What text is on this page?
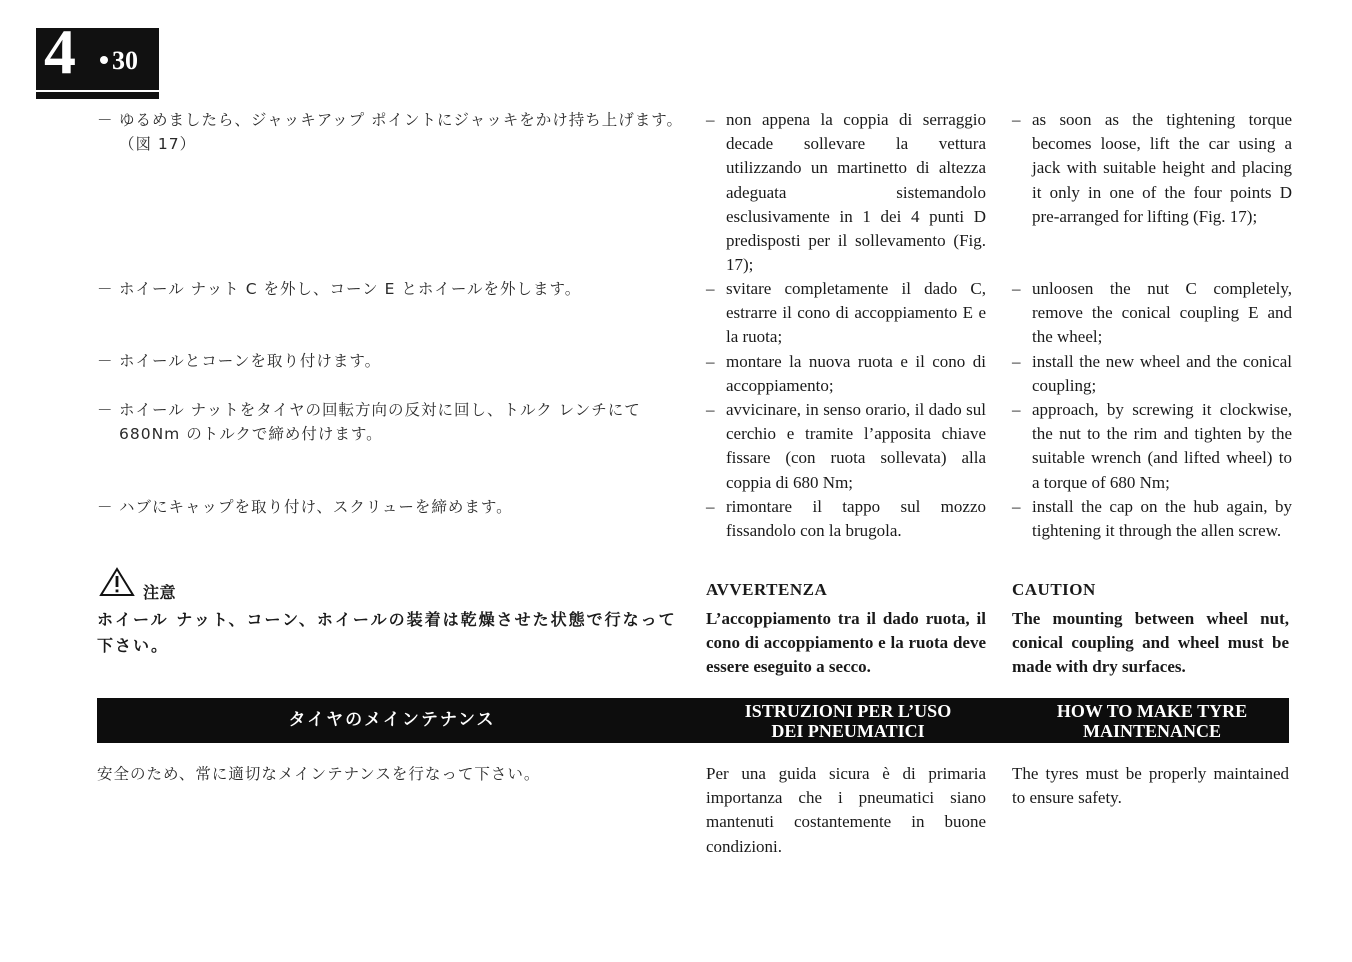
4 30
－ ゆるめましたら、ジャッキアップ ポイントにジャッキをかけ持ち上げます。（図 17）
－ ホイール ナット C を外し、コーン E とホイールを外します。
－ ホイールとコーンを取り付けます。
－ ホイール ナットをタイヤの回転方向の反対に回し、トルク レンチにて 680Nm のトルクで締め付けます。
－ ハブにキャップを取り付け、スクリューを締めます。
注意
ホイール ナット、コーン、ホイールの装着は乾燥させた状態で行なって下さい。
– non appena la coppia di serraggio decade sollevare la vettura utilizzando un martinetto di altezza adeguata sistemandolo esclusivamente in 1 dei 4 punti D predisposti per il sollevamento (Fig. 17);
– svitare completamente il dado C, estrarre il cono di accoppiamento E e la ruota;
– montare la nuova ruota e il cono di accoppiamento;
– avvicinare, in senso orario, il dado sul cerchio e tramite l’apposita chiave fissare (con ruota sollevata) alla coppia di 680 Nm;
– rimontare il tappo sul mozzo fissandolo con la brugola.
AVVERTENZA
L’accoppiamento tra il dado ruota, il cono di accoppiamento e la ruota deve essere eseguito a secco.
– as soon as the tightening torque becomes loose, lift the car using a jack with suitable height and placing it only in one of the four points D pre-arranged for lifting (Fig. 17);
– unloosen the nut C completely, remove the conical coupling E and the wheel;
– install the new wheel and the conical coupling;
– approach, by screwing it clockwise, the nut to the rim and tighten by the suitable wrench (and lifted wheel) to a torque of 680 Nm;
– install the cap on the hub again, by tightening it through the allen screw.
CAUTION
The mounting between wheel nut, conical coupling and wheel must be made with dry surfaces.
タイヤのメインテナンス	ISTRUZIONI PER L’USO
DEI PNEUMATICI
HOW TO MAKE TYRE
MAINTENANCE
安全のため、常に適切なメインテナンスを行なって下さい。	Per una guida sicura è di primaria importanza che i pneumatici siano mantenuti costantemente in buone condizioni.
The tyres must be properly maintained to ensure safety.
